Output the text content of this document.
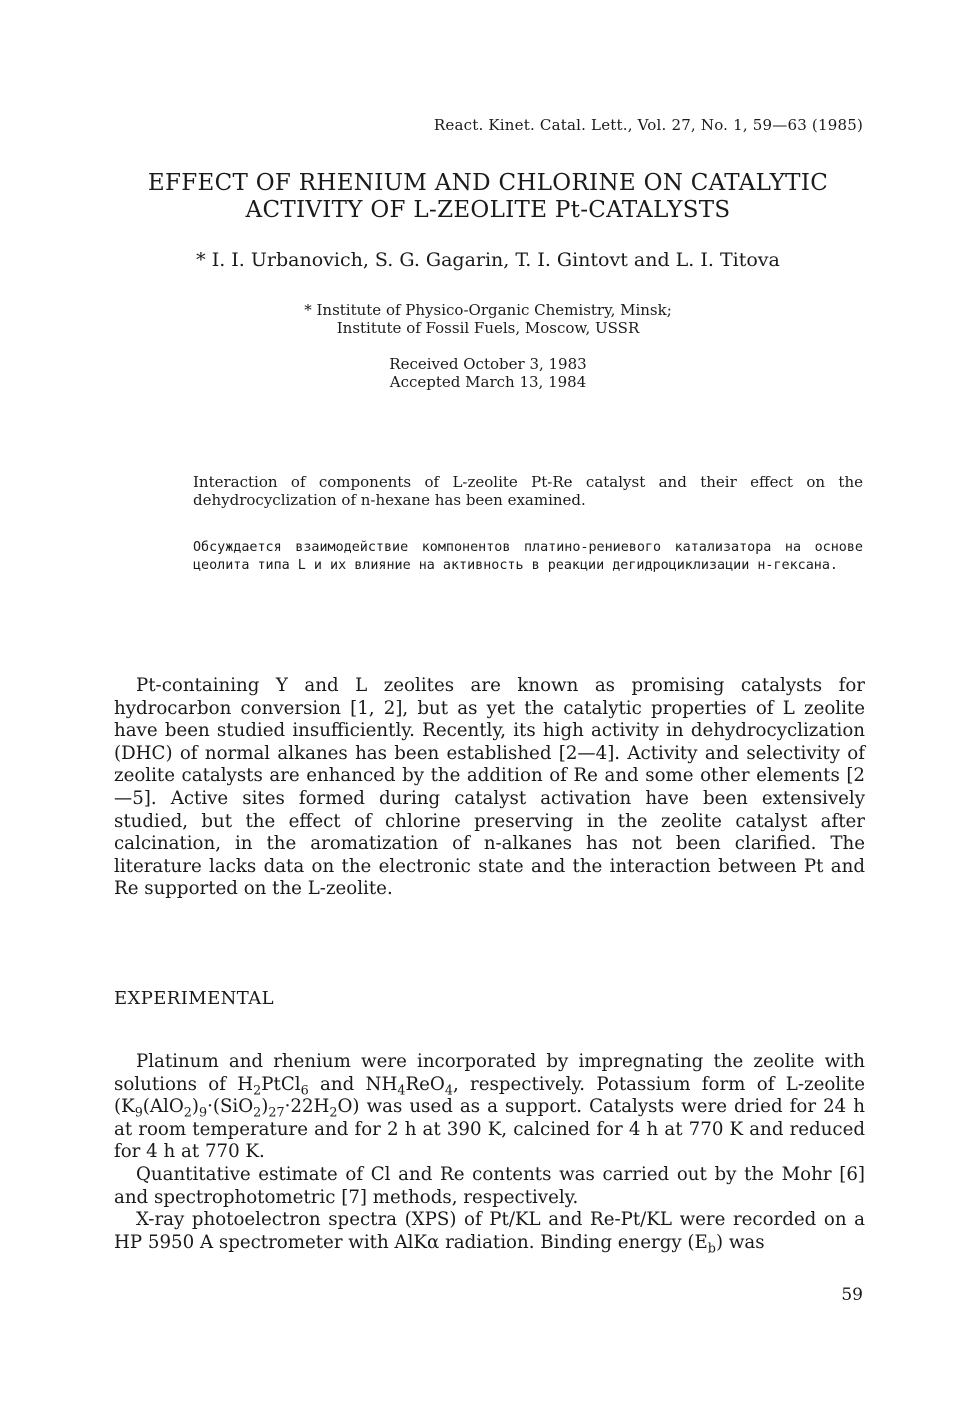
React. Kinet. Catal. Lett., Vol. 27, No. 1, 59—63 (1985)
EFFECT OF RHENIUM AND CHLORINE ON CATALYTIC
ACTIVITY OF L-ZEOLITE Pt-CATALYSTS
* I. I. Urbanovich, S. G. Gagarin, T. I. Gintovt and L. I. Titova
* Institute of Physico-Organic Chemistry, Minsk;
Institute of Fossil Fuels, Moscow, USSR
Received October 3, 1983
Accepted March 13, 1984
Interaction of components of L-zeolite Pt-Re catalyst and their effect on the dehydrocyclization of n-hexane has been examined.
Обсуждается взаимодействие компонентов платино-рениевого катализатора на основе цеолита типа L и их влияние на активность в реакции дегидроциклизации н-гексана.

Pt-containing Y and L zeolites are known as promising catalysts for hydrocarbon conversion [1, 2], but as yet the catalytic properties of L zeolite have been studied insufficiently. Recently, its high activity in dehydrocyclization (DHC) of normal alkanes has been established [2—4]. Activity and selectivity of zeolite catalysts are enhanced by the addition of Re and some other elements [2—5]. Active sites formed during catalyst activation have been extensively studied, but the effect of chlorine preserving in the zeolite catalyst after calcination, in the aromatization of n-alkanes has not been clarified. The literature lacks data on the electronic state and the interaction between Pt and Re supported on the L-zeolite.

EXPERIMENTAL

Platinum and rhenium were incorporated by impregnating the zeolite with solutions of $H_2PtCl_6$ and $NH_4ReO_4$, respectively. Potassium form of L-zeolite $(K_9(AlO_2)_9\cdot(SiO_2)_{27}\cdot 22H_2O)$ was used as a support. Catalysts were dried for 24 h at room temperature and for 2 h at 390 K, calcined for 4 h at 770 K and reduced for 4 h at 770 K.

Quantitative estimate of Cl and Re contents was carried out by the Mohr [6] and spectrophotometric [7] methods, respectively.

X-ray photoelectron spectra (XPS) of Pt/KL and Re-Pt/KL were recorded on a HP 5950 A spectrometer with AlKα radiation. Binding energy $(E_b)$ was

59
